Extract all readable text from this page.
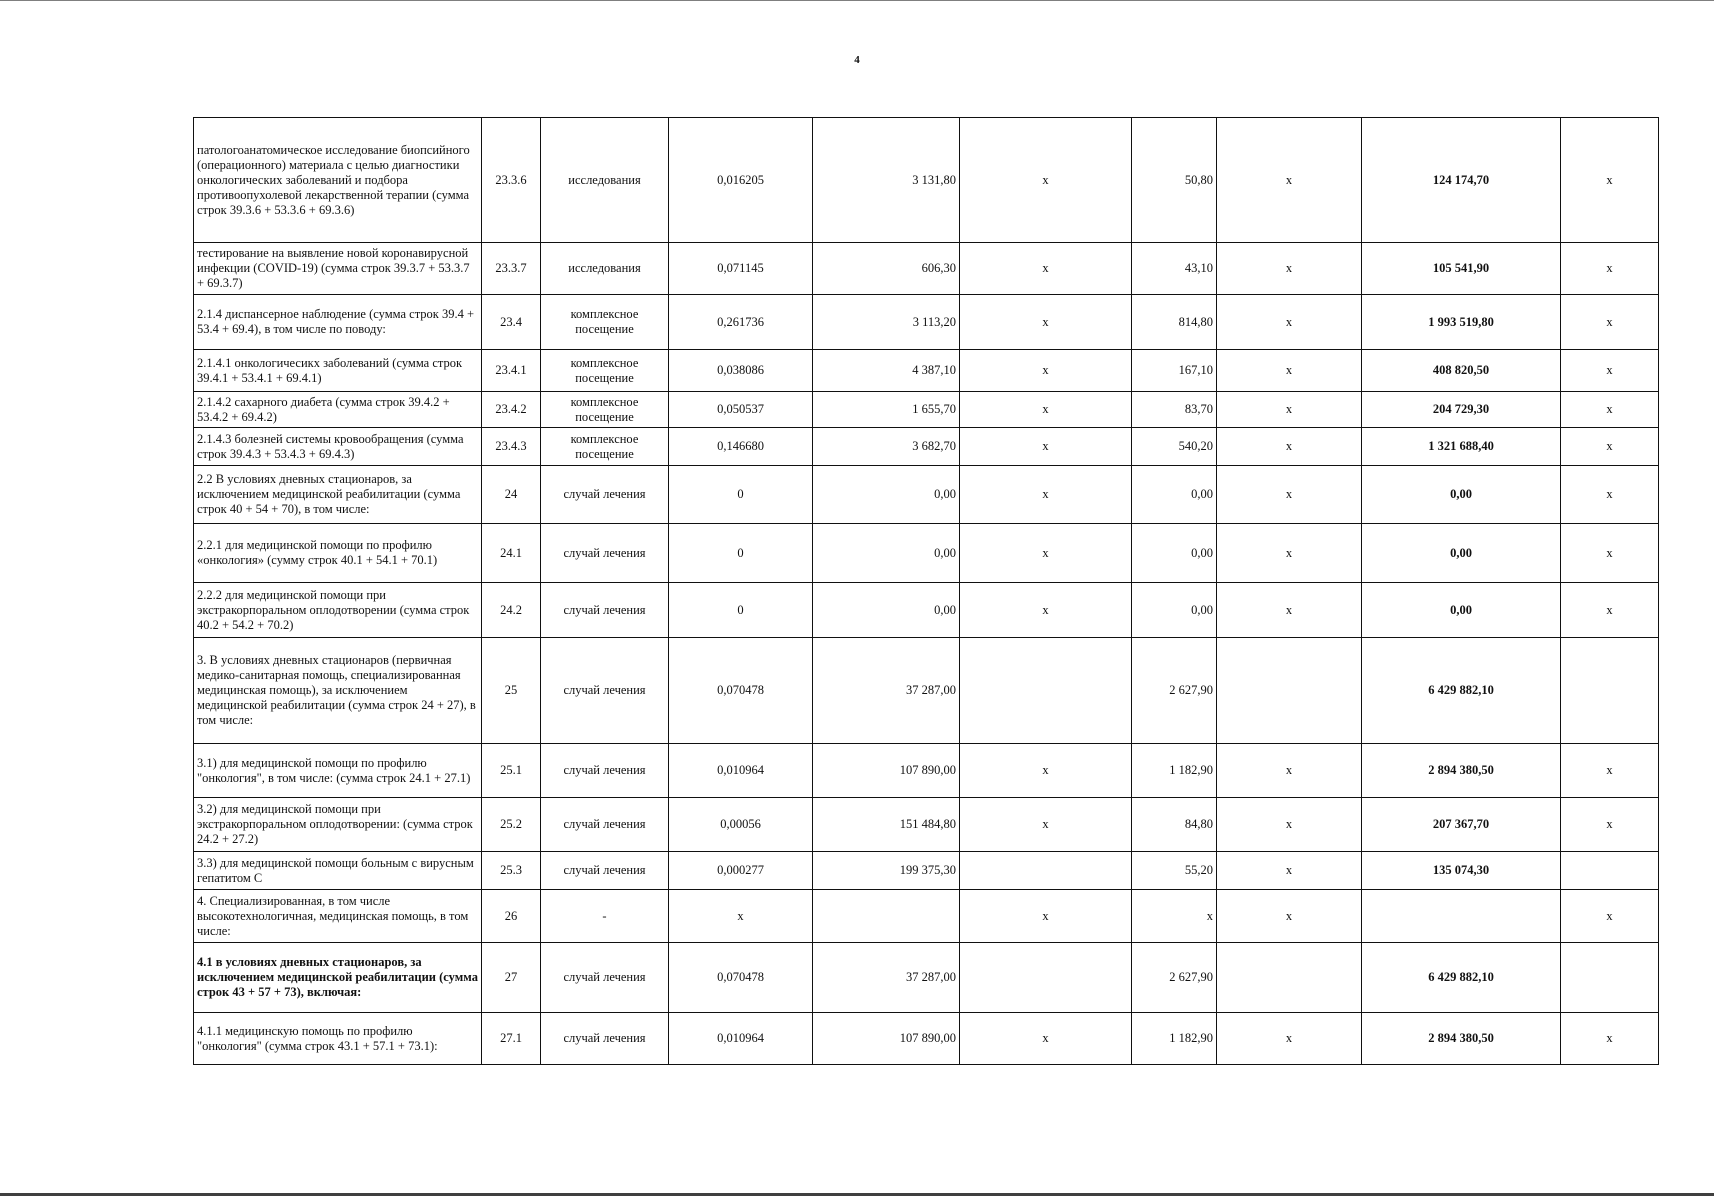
4
патологоанатомическое исследование биопсийного (операционного) материала с целью диагностики онкологических заболеваний и подбора противоопухолевой лекарственной терапии (сумма строк 39.3.6 + 53.3.6 + 69.3.6)	23.3.6	исследования	0,016205	3 131,80	х	50,80	х	124 174,70	х
тестирование на выявление новой коронавирусной инфекции (COVID-19) (сумма строк 39.3.7 + 53.3.7 + 69.3.7)	23.3.7	исследования	0,071145	606,30	х	43,10	х	105 541,90	х
2.1.4 диспансерное наблюдение (сумма строк 39.4 + 53.4 + 69.4), в том числе по поводу:	23.4	комплексное посещение	0,261736	3 113,20	х	814,80	х	1 993 519,80	х
2.1.4.1 онкологичесикх заболеваний (сумма строк 39.4.1 + 53.4.1 + 69.4.1)	23.4.1	комплексное посещение	0,038086	4 387,10	х	167,10	х	408 820,50	х
2.1.4.2 сахарного диабета (сумма строк 39.4.2 + 53.4.2 + 69.4.2)	23.4.2	комплексное посещение	0,050537	1 655,70	х	83,70	х	204 729,30	х
2.1.4.3 болезней системы кровообращения (сумма строк 39.4.3 + 53.4.3 + 69.4.3)	23.4.3	комплексное посещение	0,146680	3 682,70	х	540,20	х	1 321 688,40	х
2.2 В условиях дневных стационаров, за исключением медицинской реабилитации (сумма строк 40 + 54 + 70), в том числе:	24	случай лечения	0	0,00	х	0,00	х	0,00	х
2.2.1 для медицинской помощи по профилю «онкология» (сумму строк 40.1 + 54.1 + 70.1)	24.1	случай лечения	0	0,00	х	0,00	х	0,00	х
2.2.2 для медицинской помощи при экстракорпоральном оплодотворении (сумма строк 40.2 + 54.2 + 70.2)	24.2	случай лечения	0	0,00	х	0,00	х	0,00	х
3. В условиях дневных стационаров (первичная медико-санитарная помощь, специализированная медицинская помощь), за исключением медицинской реабилитации (сумма строк 24 + 27), в том числе:	25	случай лечения	0,070478	37 287,00		2 627,90		6 429 882,10	
3.1) для медицинской помощи по профилю "онкология", в том числе: (сумма строк 24.1 + 27.1)	25.1	случай лечения	0,010964	107 890,00	х	1 182,90	х	2 894 380,50	х
3.2) для медицинской помощи при экстракорпоральном оплодотворении: (сумма строк 24.2 + 27.2)	25.2	случай лечения	0,00056	151 484,80	х	84,80	х	207 367,70	х
3.3) для медицинской помощи больным с вирусным гепатитом С	25.3	случай лечения	0,000277	199 375,30		55,20	х	135 074,30	
4. Специализированная, в том числе высокотехнологичная, медицинская помощь, в том числе:	26	-	х		х	х	х		х
4.1 в условиях дневных стационаров, за исключением медицинской реабилитации (сумма строк 43 + 57 + 73), включая:	27	случай лечения	0,070478	37 287,00		2 627,90		6 429 882,10	
4.1.1 медицинскую помощь по профилю "онкология" (сумма строк 43.1 + 57.1 + 73.1):	27.1	случай лечения	0,010964	107 890,00	х	1 182,90	х	2 894 380,50	х
